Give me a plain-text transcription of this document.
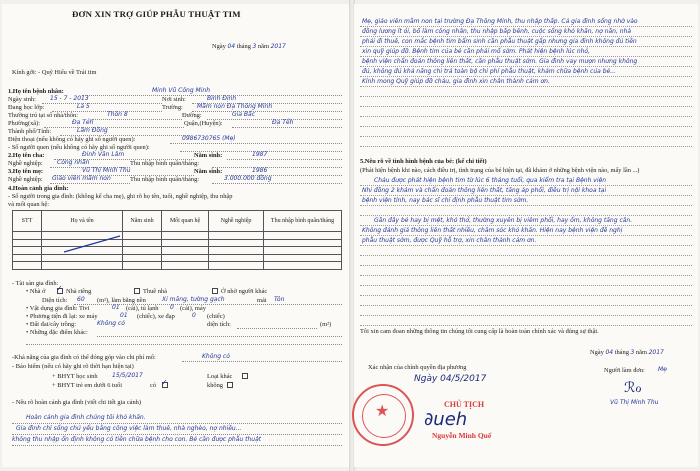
ĐƠN XIN TRỢ GIÚP PHẪU THUẬT TIM
Ngày 04 tháng 3 năm 2017
Kính gởi: - Quỹ Hiểu về Trái tim
1.Họ tên bệnh nhân:	Minh Vũ Công Minh
Ngày sinh: 15 - 7 - 2013	Nơi sinh:	Bình Định
Đang học lớp:	Lá 5	Trường: Mầm non Đạ Thông Minh
Thường trú tại số nhà/thôn:	Thôn 8	Đường:	Gia Bắc
Phường(xã):	Đạ Tẻh	Quận,(Huyện):	Đạ Tẻh
Thành phố/Tỉnh:	Lâm Đồng
Điện thoại (nếu không có hãy ghi số người quen):	0986730765 (Mẹ)
- Số người quen (nếu không có hãy ghi số người quen):
2.Họ tên cha:	Đinh Văn Lâm	Năm sinh:	1987
Nghề nghiệp: Công nhân	Thu nhập bình quân/tháng:
3.Họ tên mẹ:	Vũ Thị Minh Thu	Năm sinh:	1986
Nghề nghiệp: Giáo viên mầm non	Thu nhập bình quân/tháng:	3.000.000 đồng
4.Hoàn cảnh gia đình:
- Số người trong gia đình: (không kể cha mẹ), ghi rõ họ tên, tuổi, nghề nghiệp, thu nhập
và mối quan hệ:
STT	Họ và tên	Năm sinh	Mối quan hệ	Nghề nghiệp	Thu nhập bình quân/tháng

- Tài sản gia đình:
• Nhà ở ✓ Nhà riêng	Thuê nhà	Ở nhờ người khác
Diện tích: 60 (m²), làm bằng nền	Xi măng, tường gạch	mái Tôn
• Vật dụng gia đình: Tivi	01 (cái), tủ lạnh 0 (cái), máy
• Phương tiện đi lại: xe máy	01 (chiếc), xe đạp	0 (chiếc)
• Đất đai/cây trồng:	Không có	diện tích:	(m²)
• Những đặc điểm khác:
-Khả năng của gia đình có thể đóng góp vào chi phí mổ:	Không có
- Bảo hiểm (nếu có hãy ghi rõ thời hạn hiện tại)
+ BHYT học sinh 15/5/2017	Loại khác
+ BHYT trẻ em dưới 6 tuổi	có ✓	không
- Nêu rõ hoàn cảnh gia đình (viết chi tiết gia cảnh)
Hoàn cảnh gia đình chúng tôi khó khăn.
Gia đình chỉ sống chủ yếu bằng công việc làm thuê, nhà nghèo, nợ nhiều...
không thu nhập ổn định không có tiền chữa bệnh cho con. Bé cần được phẫu thuật
Mẹ, giáo viên mầm non tại trường Đạ Thông Minh, thu nhập thấp. Cả gia đình sống nhờ vào
đồng lương ít ỏi, bố làm công nhân, thu nhập bấp bênh, cuộc sống khó khăn, nợ nần, nhà
phải đi thuê, con mắc bệnh tim bẩm sinh cần phẫu thuật gấp nhưng gia đình không đủ tiền
xin quỹ giúp đỡ. Bệnh tim của bé cần phải mổ sớm. Phát hiện bệnh lúc nhỏ,
bệnh viện chẩn đoán thông liên thất, cần phẫu thuật sớm. Gia đình vay mượn nhưng không
đủ, không đủ khả năng chi trả toàn bộ chi phí phẫu thuật, khám chữa bệnh của bé...
Kính mong Quỹ giúp đỡ cháu, gia đình xin chân thành cảm ơn.
5.Nêu rõ về tình hình bệnh của bé: (kể chi tiết)
(Phát hiện bệnh khi nào, cách điều trị, tình trạng của bé hiện tại, đã khám ở những bệnh viện nào, mấy lần ...)
Cháu được phát hiện bệnh tim từ lúc 6 tháng tuổi, qua kiểm tra tại Bệnh viện
Nhi đồng 2 khám và chẩn đoán thông liên thất, tăng áp phổi, điều trị nội khoa tại
bệnh viện tỉnh, nay bác sĩ chỉ định phẫu thuật tim sớm.
Gần đây bé hay bị mệt, khó thở, thường xuyên bị viêm phổi, hay ốm, không tăng cân.
Không đánh giá thông liên thất nhiều, chăm sóc khó khăn. Hiện nay bệnh viện đề nghị
phẫu thuật sớm, được Quỹ hỗ trợ, xin chân thành cảm ơn.
Tôi xin cam đoan những thông tin chúng tôi cung cấp là hoàn toàn chính xác và đúng sự thật.
Ngày 04 tháng 3 năm 2017
Xác nhận của chính quyền địa phương	Người làm đơn: Mẹ
Ngày 04/5/2017
ℛℴ
Vũ Thị Minh Thu
CHỦ TỊCH
∂ueh
Nguyễn Minh Quế
★
